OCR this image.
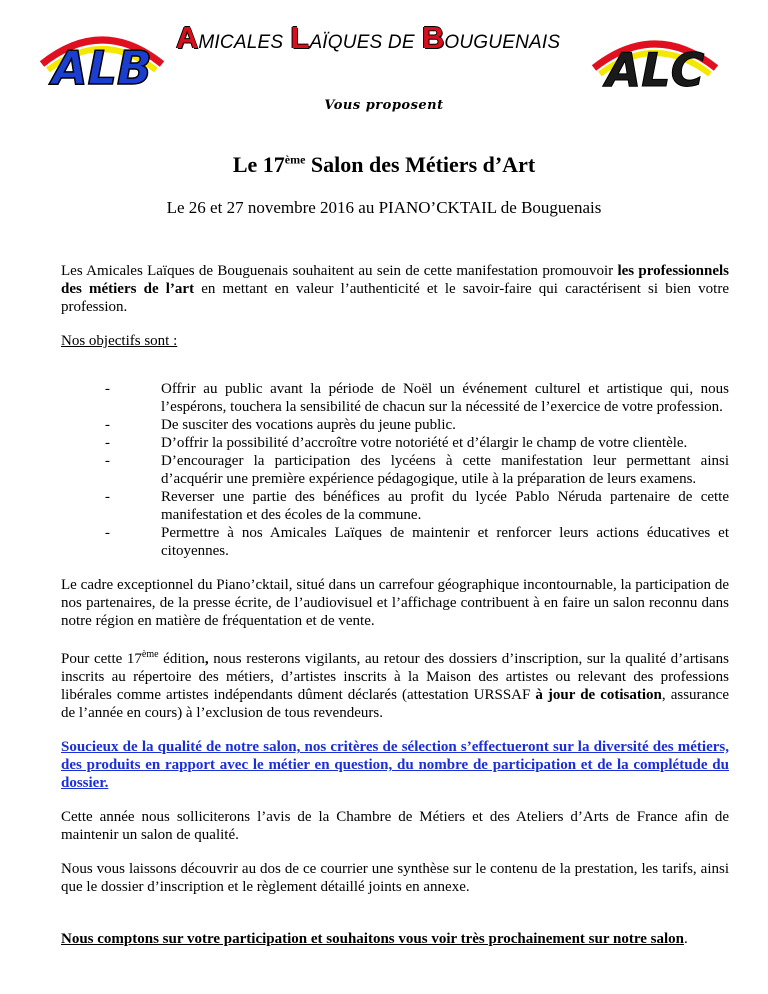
ALB
AMICALES LAÏQUES DE BOUGUENAIS
ALC
Vous proposent
Le 17ème Salon des Métiers d’Art
Le 26 et 27 novembre 2016 au PIANO’CKTAIL de Bouguenais

Les Amicales Laïques de Bouguenais souhaitent au sein de cette manifestation promouvoir les professionnels des métiers de l’art en mettant en valeur l’authenticité et le savoir-faire qui caractérisent si bien votre profession.

Nos objectifs sont :

-	Offrir au public avant la période de Noël un événement culturel et artistique qui, nous l’espérons, touchera la sensibilité de chacun sur la nécessité de l’exercice de votre profession.
-	De susciter des vocations auprès du jeune public.
-	D’offrir la possibilité d’accroître votre notoriété et d’élargir le champ de votre clientèle.
-	D’encourager la participation des lycéens à cette manifestation leur permettant ainsi d’acquérir une première expérience pédagogique, utile à la préparation de leurs examens.
-	Reverser une partie des bénéfices au profit du lycée Pablo Néruda partenaire de cette manifestation et des écoles de la commune.
-	Permettre à nos Amicales Laïques de maintenir et renforcer leurs actions éducatives et citoyennes.

Le cadre exceptionnel du Piano’cktail, situé dans un carrefour géographique incontournable, la participation de nos partenaires, de la presse écrite, de l’audiovisuel et l’affichage contribuent à en faire un salon reconnu dans notre région en matière de fréquentation et de vente.

Pour cette 17ème édition, nous resterons vigilants, au retour des dossiers d’inscription, sur la qualité d’artisans inscrits au répertoire des métiers, d’artistes inscrits à la Maison des artistes ou relevant des professions libérales comme artistes indépendants dûment déclarés (attestation URSSAF à jour de cotisation, assurance de l’année en cours) à l’exclusion de tous revendeurs.

Soucieux de la qualité de notre salon, nos critères de sélection s’effectueront sur la diversité des métiers, des produits en rapport avec le métier en question, du nombre de participation et de la complétude du dossier.

Cette année nous solliciterons l’avis de la Chambre de Métiers et des Ateliers d’Arts de France afin de maintenir un salon de qualité.

Nous vous laissons découvrir au dos de ce courrier une synthèse sur le contenu de la prestation, les tarifs, ainsi que le dossier d’inscription et le règlement détaillé joints en annexe.

Nous comptons sur votre participation et souhaitons vous voir très prochainement sur notre salon.
